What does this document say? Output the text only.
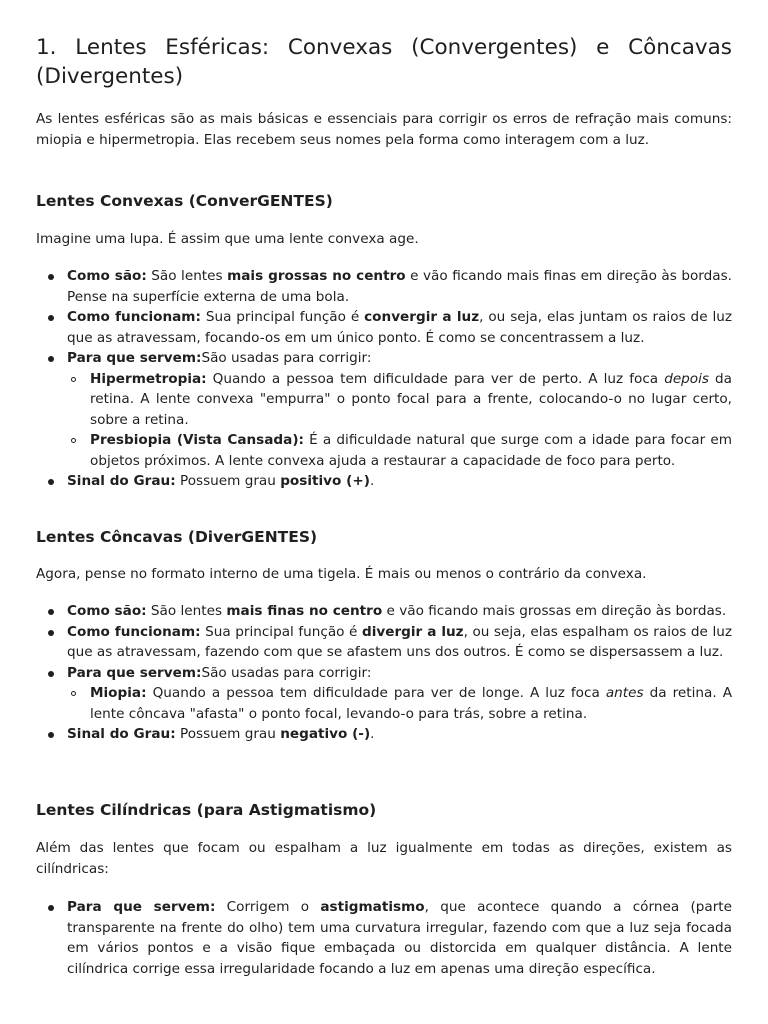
1. Lentes Esféricas: Convexas (Convergentes) e Côncavas (Divergentes)

As lentes esféricas são as mais básicas e essenciais para corrigir os erros de refração mais comuns: miopia e hipermetropia. Elas recebem seus nomes pela forma como interagem com a luz.

Lentes Convexas (ConverGENTES)

Imagine uma lupa. É assim que uma lente convexa age.

Como são: São lentes mais grossas no centro e vão ficando mais finas em direção às bordas. Pense na superfície externa de uma bola.
Como funcionam: Sua principal função é convergir a luz, ou seja, elas juntam os raios de luz que as atravessam, focando-os em um único ponto. É como se concentrassem a luz.
Para que servem:São usadas para corrigir:
Hipermetropia: Quando a pessoa tem dificuldade para ver de perto. A luz foca depois da retina. A lente convexa "empurra" o ponto focal para a frente, colocando-o no lugar certo, sobre a retina.
Presbiopia (Vista Cansada): É a dificuldade natural que surge com a idade para focar em objetos próximos. A lente convexa ajuda a restaurar a capacidade de foco para perto.
Sinal do Grau: Possuem grau positivo (+).
Lentes Côncavas (DiverGENTES)

Agora, pense no formato interno de uma tigela. É mais ou menos o contrário da convexa.

Como são: São lentes mais finas no centro e vão ficando mais grossas em direção às bordas.
Como funcionam: Sua principal função é divergir a luz, ou seja, elas espalham os raios de luz que as atravessam, fazendo com que se afastem uns dos outros. É como se dispersassem a luz.
Para que servem:São usadas para corrigir:
Miopia: Quando a pessoa tem dificuldade para ver de longe. A luz foca antes da retina. A lente côncava "afasta" o ponto focal, levando-o para trás, sobre a retina.
Sinal do Grau: Possuem grau negativo (-).
Lentes Cilíndricas (para Astigmatismo)

Além das lentes que focam ou espalham a luz igualmente em todas as direções, existem as cilíndricas:

Para que servem: Corrigem o astigmatismo, que acontece quando a córnea (parte transparente na frente do olho) tem uma curvatura irregular, fazendo com que a luz seja focada em vários pontos e a visão fique embaçada ou distorcida em qualquer distância. A lente cilíndrica corrige essa irregularidade focando a luz em apenas uma direção específica.
